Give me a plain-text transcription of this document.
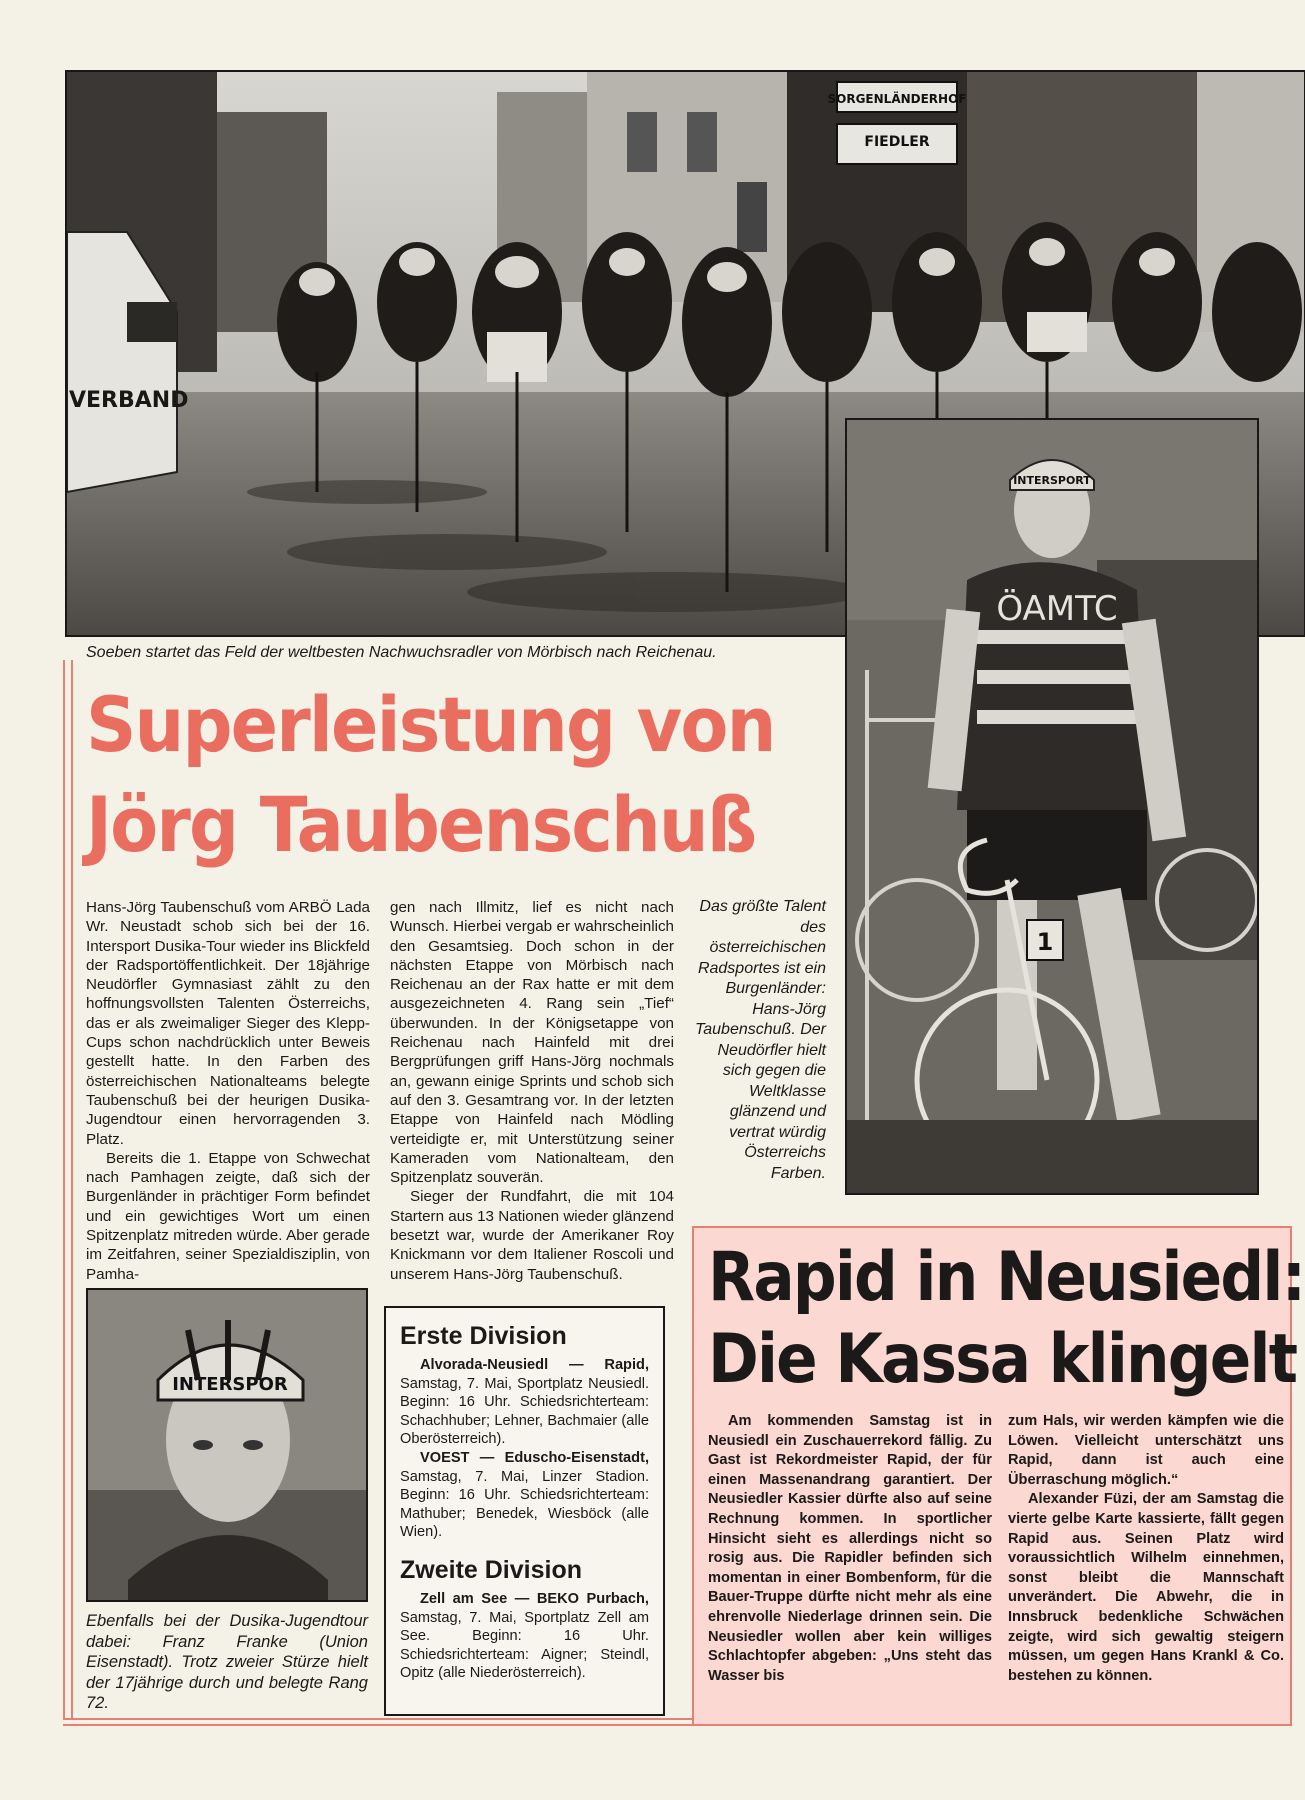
SORGENLÄNDERHOF
FIEDLER
VERBAND
Soeben startet das Feld der weltbesten Nachwuchsradler von Mörbisch nach Reichenau.
Superleistung von
Jörg Taubenschuß
INTERSPORT
ÖAMTC
1

Hans-Jörg Taubenschuß vom ARBÖ Lada Wr. Neustadt schob sich bei der 16. Intersport Dusika-Tour wieder ins Blickfeld der Radsportöffentlichkeit. Der 18jährige Neudörfler Gymnasiast zählt zu den hoffnungsvollsten Talenten Österreichs, das er als zweimaliger Sieger des Klepp-Cups schon nachdrücklich unter Beweis gestellt hatte. In den Farben des österreichischen Nationalteams belegte Taubenschuß bei der heurigen Dusika-Jugendtour einen hervorragenden 3. Platz.

Bereits die 1. Etappe von Schwechat nach Pamhagen zeigte, daß sich der Burgenländer in prächtiger Form befindet und ein gewichtiges Wort um einen Spitzenplatz mitreden würde. Aber gerade im Zeitfahren, seiner Spezialdisziplin, von Pamha-

gen nach Illmitz, lief es nicht nach Wunsch. Hierbei vergab er wahrscheinlich den Gesamtsieg. Doch schon in der nächsten Etappe von Mörbisch nach Reichenau an der Rax hatte er mit dem ausgezeichneten 4. Rang sein „Tief“ überwunden. In der Königsetappe von Reichenau nach Hainfeld mit drei Bergprüfungen griff Hans-Jörg nochmals an, gewann einige Sprints und schob sich auf den 3. Gesamtrang vor. In der letzten Etappe von Hainfeld nach Mödling verteidigte er, mit Unterstützung seiner Kameraden vom Nationalteam, den Spitzenplatz souverän.

Sieger der Rundfahrt, die mit 104 Startern aus 13 Nationen wieder glänzend besetzt war, wurde der Amerikaner Roy Knickmann vor dem Italiener Roscoli und unserem Hans-Jörg Taubenschuß.

Das größte Talent des österreichischen Radsportes ist ein Burgenländer: Hans-Jörg Taubenschuß. Der Neudörfler hielt sich gegen die Weltklasse glänzend und vertrat würdig Österreichs Farben.
INTERSPOR
Ebenfalls bei der Dusika-Jugendtour dabei: Franz Franke (Union Eisenstadt). Trotz zweier Stürze hielt der 17jährige durch und belegte Rang 72.
Erste Division
Alvorada-Neusiedl — Rapid, Samstag, 7. Mai, Sportplatz Neusiedl. Beginn: 16 Uhr. Schiedsrichterteam: Schachhuber; Lehner, Bachmaier (alle Oberösterreich).
VOEST — Eduscho-Eisenstadt, Samstag, 7. Mai, Linzer Stadion. Beginn: 16 Uhr. Schiedsrichterteam: Mathuber; Benedek, Wiesböck (alle Wien).
Zweite Division
Zell am See — BEKO Purbach, Samstag, 7. Mai, Sportplatz Zell am See. Beginn: 16 Uhr. Schiedsrichterteam: Aigner; Steindl, Opitz (alle Niederösterreich).
Rapid in Neusiedl:
Die Kassa klingelt

Am kommenden Samstag ist in Neusiedl ein Zuschauerrekord fällig. Zu Gast ist Rekordmeister Rapid, der für einen Massenandrang garantiert. Der Neusiedler Kassier dürfte also auf seine Rechnung kommen. In sportlicher Hinsicht sieht es allerdings nicht so rosig aus. Die Rapidler befinden sich momentan in einer Bombenform, für die Bauer-Truppe dürfte nicht mehr als eine ehrenvolle Niederlage drinnen sein. Die Neusiedler wollen aber kein williges Schlachtopfer abgeben: „Uns steht das Wasser bis

zum Hals, wir werden kämpfen wie die Löwen. Vielleicht unterschätzt uns Rapid, dann ist auch eine Überraschung möglich.“

Alexander Füzi, der am Samstag die vierte gelbe Karte kassierte, fällt gegen Rapid aus. Seinen Platz wird voraussichtlich Wilhelm einnehmen, sonst bleibt die Mannschaft unverändert. Die Abwehr, die in Innsbruck bedenkliche Schwächen zeigte, wird sich gewaltig steigern müssen, um gegen Hans Krankl & Co. bestehen zu können.
